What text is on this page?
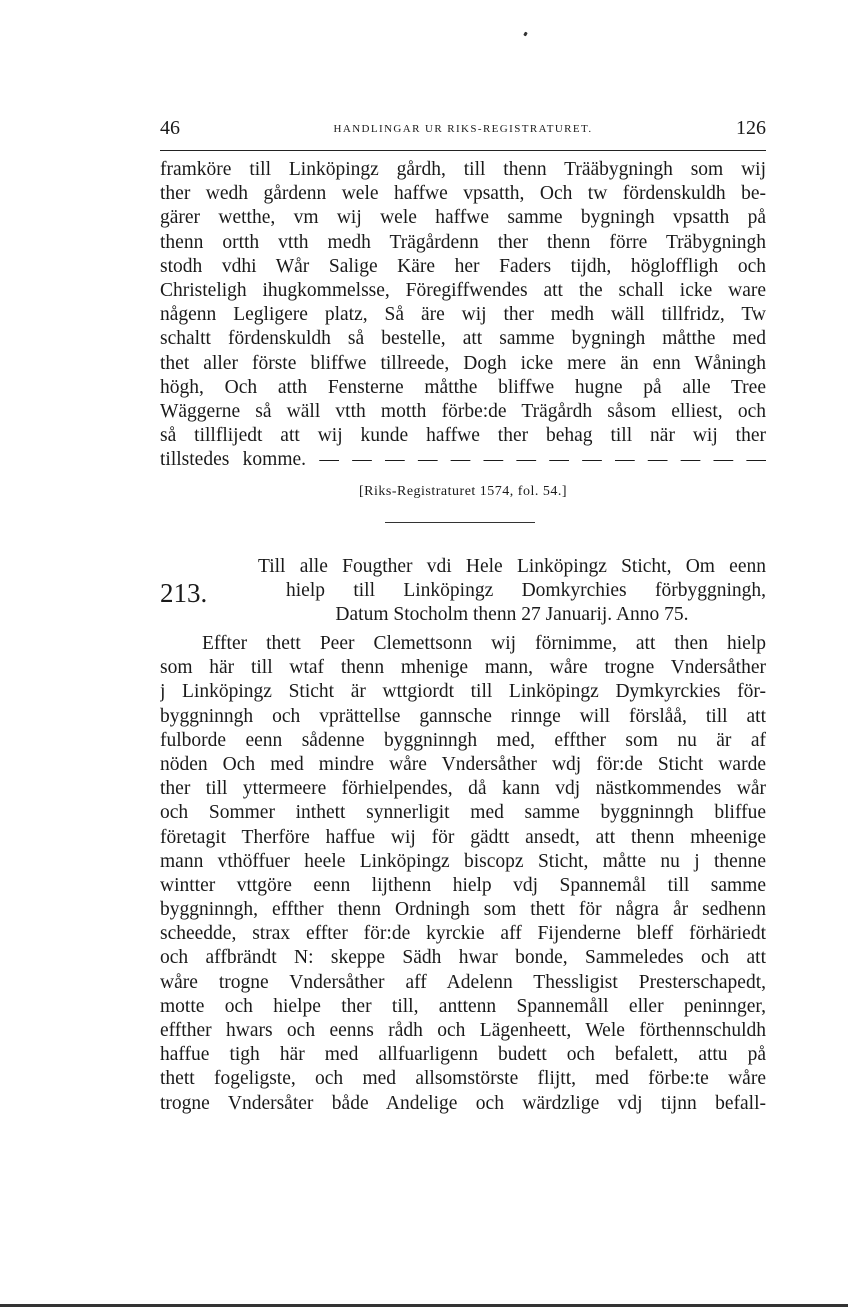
46	HANDLINGAR UR RIKS-REGISTRATURET.	126
framköre till Linköpingz gårdh, till thenn Trääbygningh som wij
ther wedh gårdenn wele haffwe vpsatth, Och tw fördenskuldh be-
gärer wetthe, vm wij wele haffwe samme bygningh vpsatth på
thenn ortth vtth medh Trägårdenn ther thenn förre Träbygningh
stodh vdhi Wår Salige Käre her Faders tijdh, högloffligh och
Christeligh ihugkommelsse, Föregiffwendes att the schall icke ware
någenn Legligere platz, Så äre wij ther medh wäll tillfridz, Tw
schaltt fördenskuldh så bestelle, att samme bygningh måtthe med
thet aller förste bliffwe tillreede, Dogh icke mere än enn Wåningh
högh, Och atth Fensterne måtthe bliffwe hugne på alle Tree
Wäggerne så wäll vtth motth förbe:de Trägårdh såsom elliest, och
så tillflijedt att wij kunde haffwe ther behag till när wij ther
tillstedes komme. — — — — — — — — — — — — — —
[Riks-Registraturet 1574, fol. 54.]
213.
Till alle Fougther vdi Hele Linköpingz Sticht, Om eenn
hielp till Linköpingz Domkyrchies förbyggningh,
Datum Stocholm thenn 27 Januarij. Anno 75.
Effter thett Peer Clemettsonn wij förnimme, att then hielp
som här till wtaf thenn mhenige mann, wåre trogne Vndersåther
j Linköpingz Sticht är wttgiordt till Linköpingz Dymkyrckies för-
byggninngh och vprättellse gannsche rinnge will förslåå, till att
fulborde eenn sådenne byggninngh med, effther som nu är af
nöden Och med mindre wåre Vndersåther wdj för:de Sticht warde
ther till yttermeere förhielpendes, då kann vdj nästkommendes wår
och Sommer inthett synnerligit med samme byggninngh bliffue
företagit Therföre haffue wij för gädtt ansedt, att thenn mheenige
mann vthöffuer heele Linköpingz biscopz Sticht, måtte nu j thenne
wintter vttgöre eenn lijthenn hielp vdj Spannemål till samme
byggninngh, effther thenn Ordningh som thett för några år sedhenn
scheedde, strax effter för:de kyrckie aff Fijenderne bleff förhäriedt
och affbrändt N: skeppe Sädh hwar bonde, Sammeledes och att
wåre trogne Vndersåther aff Adelenn Thessligist Presterschapedt,
motte och hielpe ther till, anttenn Spannemåll eller peninnger,
effther hwars och eenns rådh och Lägenheett, Wele förthennschuldh
haffue tigh här med allfuarligenn budett och befalett, attu på
thett fogeligste, och med allsomstörste flijtt, med förbe:te wåre
trogne Vndersåter både Andelige och wärdzlige vdj tijnn befall-
